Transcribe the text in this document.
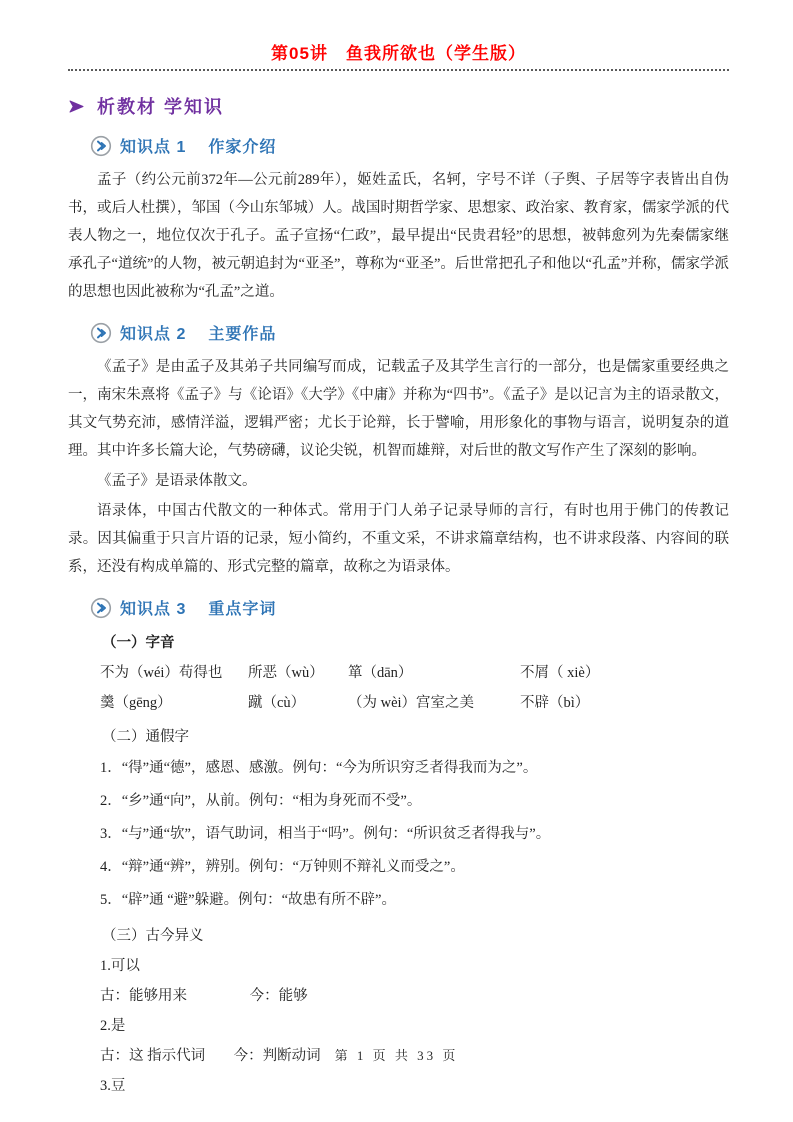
第05讲　鱼我所欲也（学生版）
析教材 学知识
知识点 1 作家介绍

孟子（约公元前372年—公元前289年），姬姓孟氏，名轲，字号不详（子舆、子居等字表皆出自伪书，或后人杜撰），邹国（今山东邹城）人。战国时期哲学家、思想家、政治家、教育家，儒家学派的代表人物之一，地位仅次于孔子。孟子宣扬“仁政”，最早提出“民贵君轻”的思想，被韩愈列为先秦儒家继承孔子“道统”的人物，被元朝追封为“亚圣”，尊称为“亚圣”。后世常把孔子和他以“孔孟”并称，儒家学派的思想也因此被称为“孔孟”之道。

知识点 2 主要作品

《孟子》是由孟子及其弟子共同编写而成，记载孟子及其学生言行的一部分，也是儒家重要经典之一，南宋朱熹将《孟子》与《论语》《大学》《中庸》并称为“四书”。《孟子》是以记言为主的语录散文， 其文气势充沛，感情洋溢，逻辑严密；尤长于论辩，长于譬喻，用形象化的事物与语言，说明复杂的道理。其中许多长篇大论，气势磅礴，议论尖锐，机智而雄辩，对后世的散文写作产生了深刻的影响。

《孟子》是语录体散文。

语录体，中国古代散文的一种体式。常用于门人弟子记录导师的言行，有时也用于佛门的传教记录。因其偏重于只言片语的记录，短小简约，不重文采，不讲求篇章结构，也不讲求段落、内容间的联系，还没有构成单篇的、形式完整的篇章，故称之为语录体。

知识点 3 重点字词
（一）字音
不为（wéi）苟得也	所恶（wù）	箪（dān）	不屑（ xiè）
羹（gēng）	蹴（cù）	（为 wèi）宫室之美	不辟（bì）
（二）通假字
1．“得”通“德”，感恩、感激。例句：“今为所识穷乏者得我而为之”。
2．“乡”通“向”，从前。例句：“相为身死而不受”。
3．“与”通“欤”，语气助词，相当于“吗”。例句：“所识贫乏者得我与”。
4．“辩”通“辨”，辨别。例句：“万钟则不辩礼义而受之”。
5．“辟”通 “避”躲避。例句：“故患有所不辟”。
（三）古今异义
1.可以
古：能够用来	今：能够
2.是
古：这 指示代词 今：判断动词
3.豆
第 1 页 共 33 页
